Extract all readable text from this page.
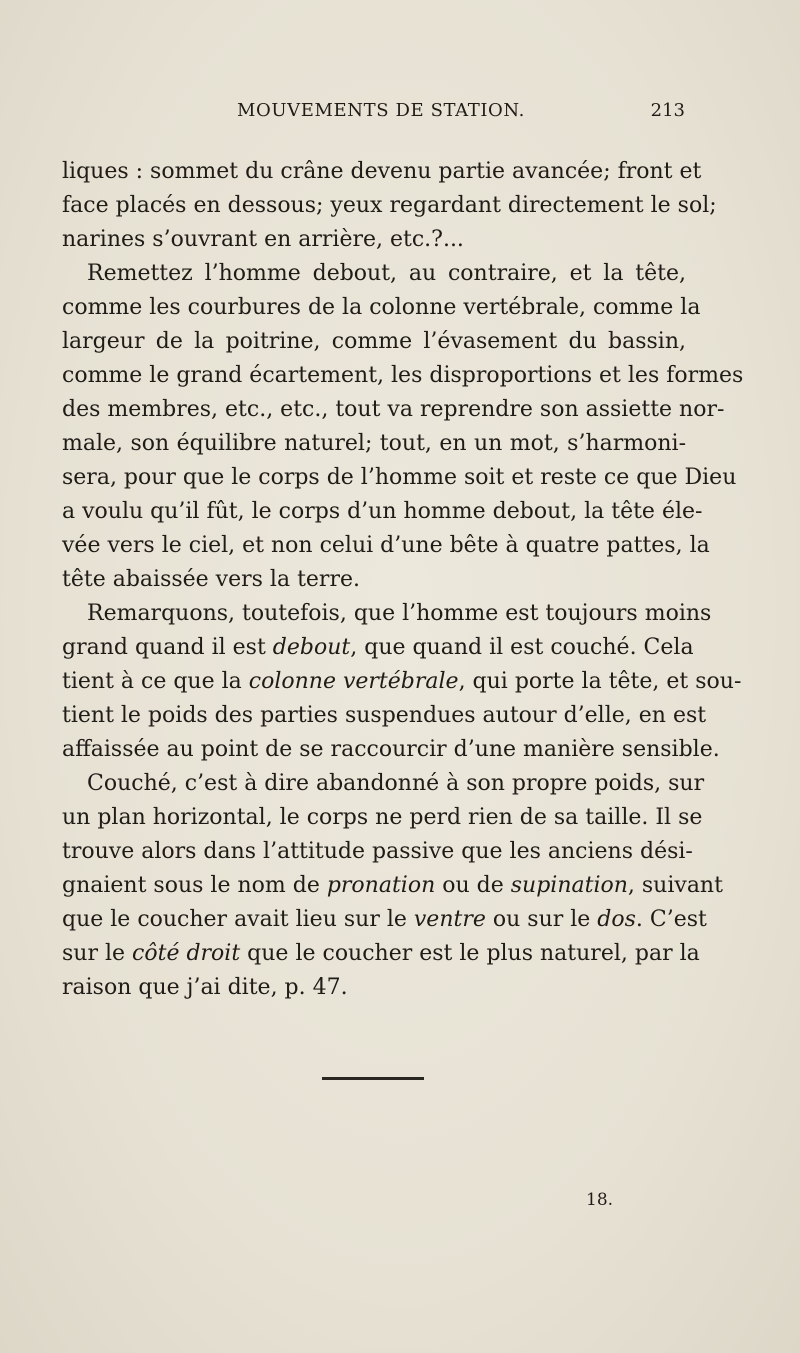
MOUVEMENTS DE STATION.	213
liques : sommet du crâne devenu partie avancée; front et
face placés en dessous; yeux regardant directement le sol;
narines s’ouvrant en arrière, etc.?...
Remettez l’homme debout, au contraire, et la tête,
comme les courbures de la colonne vertébrale, comme la
largeur de la poitrine, comme l’évasement du bassin,
comme le grand écartement, les disproportions et les formes
des membres, etc., etc., tout va reprendre son assiette nor-
male, son équilibre naturel; tout, en un mot, s’harmoni-
sera, pour que le corps de l’homme soit et reste ce que Dieu
a voulu qu’il fût, le corps d’un homme debout, la tête éle-
vée vers le ciel, et non celui d’une bête à quatre pattes, la
tête abaissée vers la terre.
Remarquons, toutefois, que l’homme est toujours moins
grand quand il est debout, que quand il est couché. Cela
tient à ce que la colonne vertébrale, qui porte la tête, et sou-
tient le poids des parties suspendues autour d’elle, en est
affaissée au point de se raccourcir d’une manière sensible.
Couché, c’est à dire abandonné à son propre poids, sur
un plan horizontal, le corps ne perd rien de sa taille. Il se
trouve alors dans l’attitude passive que les anciens dési-
gnaient sous le nom de pronation ou de supination, suivant
que le coucher avait lieu sur le ventre ou sur le dos. C’est
sur le côté droit que le coucher est le plus naturel, par la
raison que j’ai dite, p. 47.
18.
